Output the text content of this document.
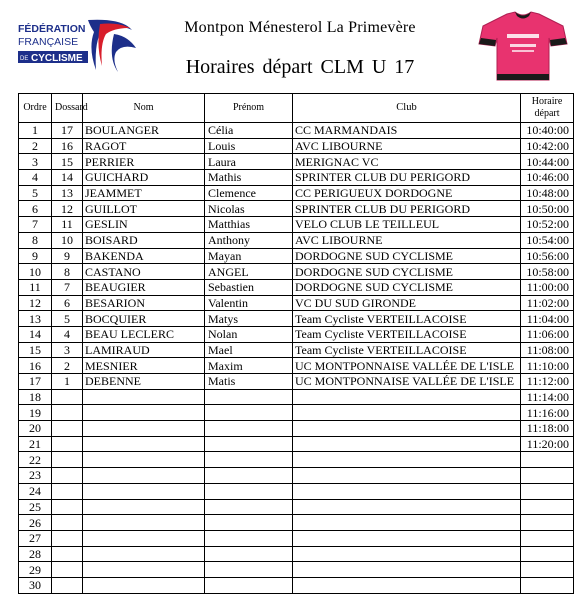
FÉDÉRATION
FRANÇAISE
DE CYCLISME
Montpon Ménesterol La Primevère
Horaires départ CLM U 17
Ordre	Dossard	Nom	Prénom	Club	Horaire
départ

1	17	BOULANGER	Célia	CC MARMANDAIS	10:40:00
2	16	RAGOT	Louis	AVC LIBOURNE	10:42:00
3	15	PERRIER	Laura	MERIGNAC VC	10:44:00
4	14	GUICHARD	Mathis	SPRINTER CLUB DU PERIGORD	10:46:00
5	13	JEAMMET	Clemence	CC PERIGUEUX DORDOGNE	10:48:00
6	12	GUILLOT	Nicolas	SPRINTER CLUB DU PERIGORD	10:50:00
7	11	GESLIN	Matthias	VELO CLUB LE TEILLEUL	10:52:00
8	10	BOISARD	Anthony	AVC LIBOURNE	10:54:00
9	9	BAKENDA	Mayan	DORDOGNE SUD CYCLISME	10:56:00
10	8	CASTANO	ANGEL	DORDOGNE SUD CYCLISME	10:58:00
11	7	BEAUGIER	Sebastien	DORDOGNE SUD CYCLISME	11:00:00
12	6	BESARION	Valentin	VC DU SUD GIRONDE	11:02:00
13	5	BOCQUIER	Matys	Team Cycliste VERTEILLACOISE	11:04:00
14	4	BEAU LECLERC	Nolan	Team Cycliste VERTEILLACOISE	11:06:00
15	3	LAMIRAUD	Mael	Team Cycliste VERTEILLACOISE	11:08:00
16	2	MESNIER	Maxim	UC MONTPONNAISE VALLÉE DE L'ISLE	11:10:00
17	1	DEBENNE	Matis	UC MONTPONNAISE VALLÉE DE L'ISLE	11:12:00
18					11:14:00
19					11:16:00
20					11:18:00
21					11:20:00
22					
23					
24					
25					
26					
27					
28					
29					
30					
